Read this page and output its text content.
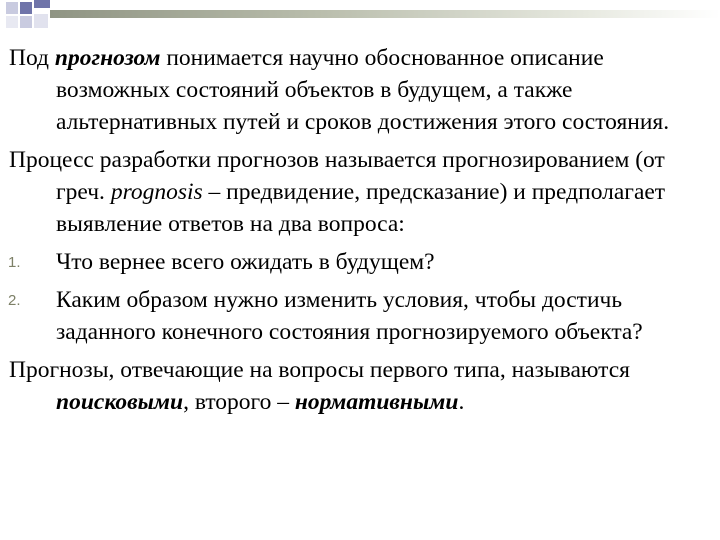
Под прогнозом понимается научно обоснованное описание возможных состояний объектов в будущем, а также альтернативных путей и сроков достижения этого состояния.

Процесс разработки прогнозов называется прогнозированием (от греч. prognosis – предвидение, предсказание) и предполагает выявление ответов на два вопроса:

1. Что вернее всего ожидать в будущем?
2. Каким образом нужно изменить условия, чтобы достичь заданного конечного состояния прогнозируемого объекта?

Прогнозы, отвечающие на вопросы первого типа, называются поисковыми, второго – нормативными.
